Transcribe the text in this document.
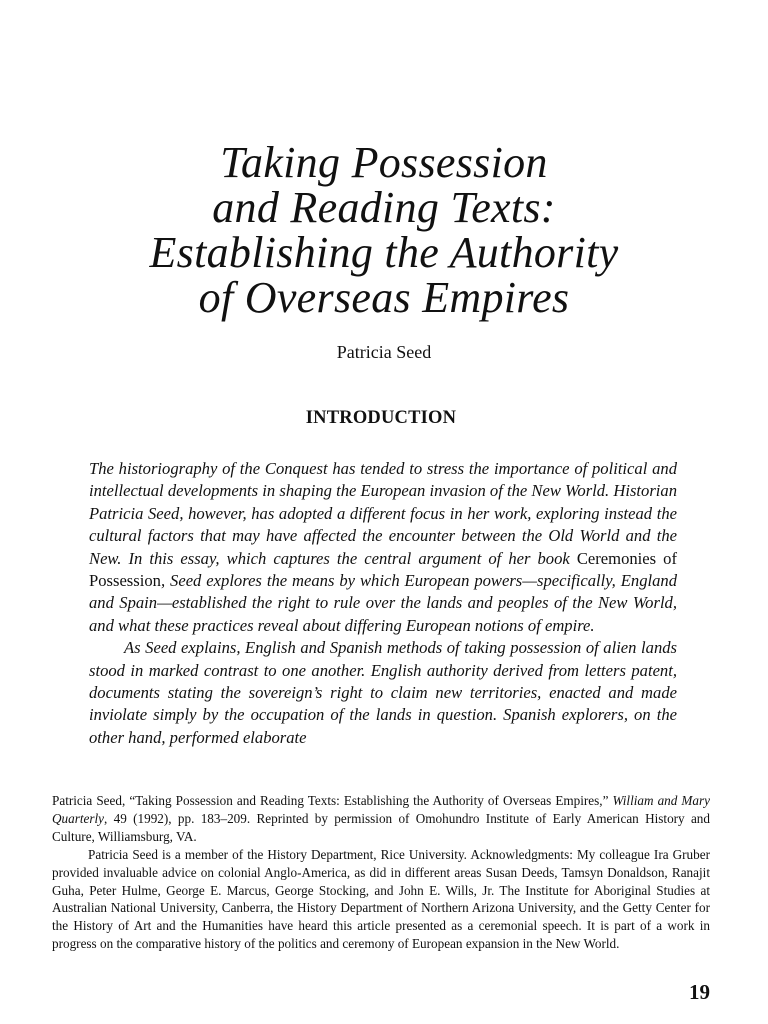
Taking Possession
and Reading Texts:
Establishing the Authority
of Overseas Empires
Patricia Seed
INTRODUCTION
The historiography of the Conquest has tended to stress the importance of political and intellectual developments in shaping the European invasion of the New World. Historian Patricia Seed, however, has adopted a different focus in her work, exploring instead the cultural factors that may have affected the encounter between the Old World and the New. In this essay, which captures the central argument of her book Ceremonies of Possession, Seed explores the means by which European powers—specifically, England and Spain—established the right to rule over the lands and peoples of the New World, and what these practices reveal about differing European notions of empire.
As Seed explains, English and Spanish methods of taking possession of alien lands stood in marked contrast to one another. English authority derived from letters patent, documents stating the sovereign’s right to claim new territories, enacted and made inviolate simply by the occupation of the lands in question. Spanish explorers, on the other hand, performed elaborate
Patricia Seed, “Taking Possession and Reading Texts: Establishing the Authority of Overseas Empires,” William and Mary Quarterly, 49 (1992), pp. 183–209. Reprinted by permission of Omohundro Institute of Early American History and Culture, Williamsburg, VA.
Patricia Seed is a member of the History Department, Rice University. Acknowledgments: My colleague Ira Gruber provided invaluable advice on colonial Anglo-America, as did in different areas Susan Deeds, Tamsyn Donaldson, Ranajit Guha, Peter Hulme, George E. Marcus, George Stocking, and John E. Wills, Jr. The Institute for Aboriginal Studies at Australian National University, Canberra, the History Department of Northern Arizona University, and the Getty Center for the History of Art and the Humanities have heard this article presented as a ceremonial speech. It is part of a work in progress on the comparative history of the politics and ceremony of European expansion in the New World.
19
